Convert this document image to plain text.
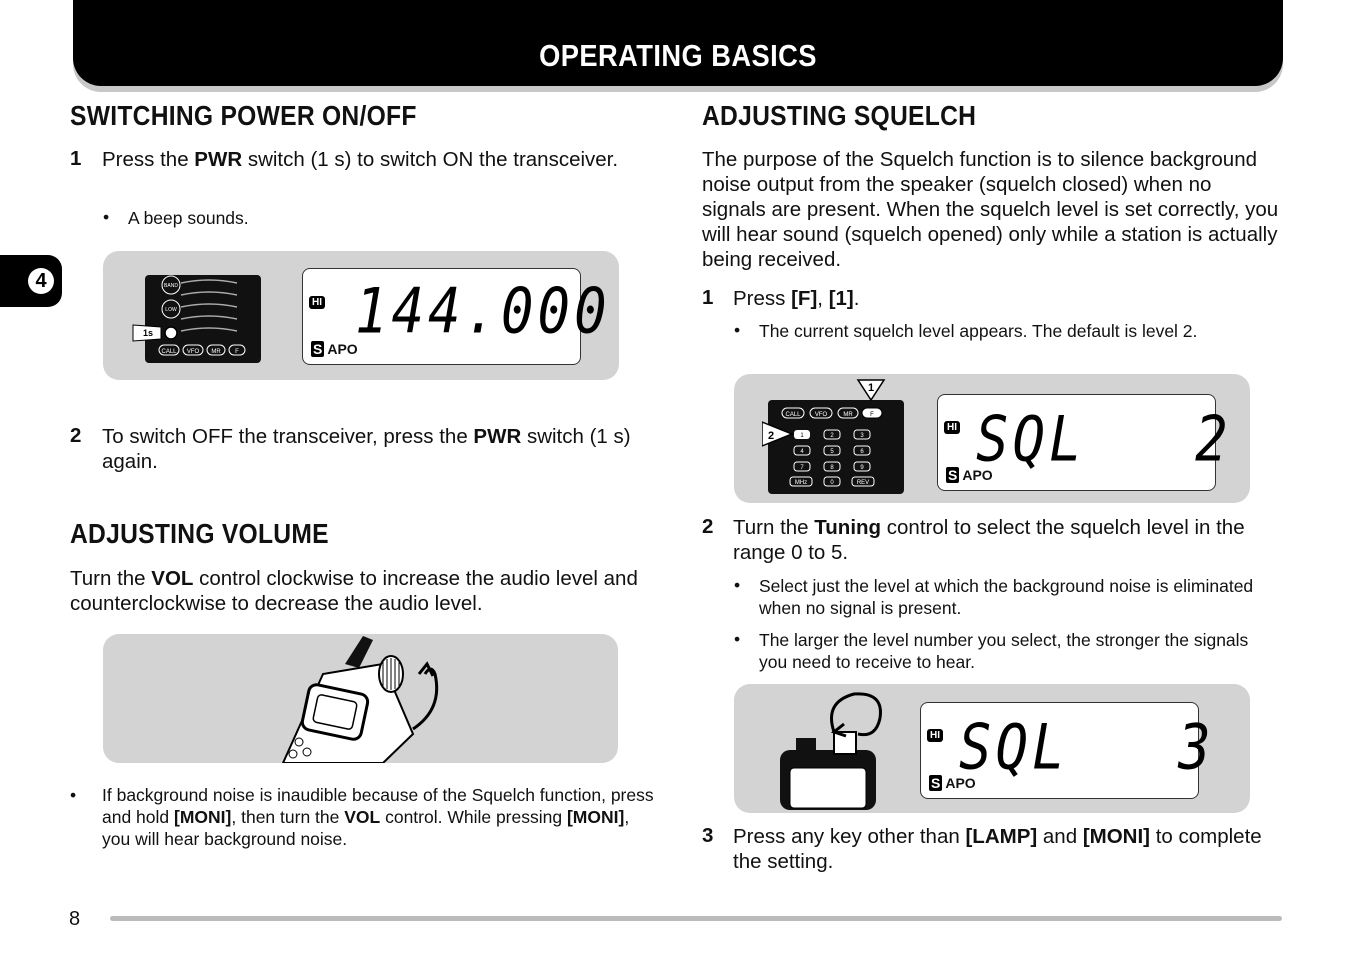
OPERATING BASICS
4
SWITCHING POWER ON/OFF
1 Press the PWR switch (1 s) to switch ON the transceiver.
• A beep sounds.
BAND
LOW
1s
CALL VFO MR F
HI 144.000
S APO
2 To switch OFF the transceiver, press the PWR switch (1 s) again.
ADJUSTING VOLUME
Turn the VOL control clockwise to increase the audio level and counterclockwise to decrease the audio level.
• If background noise is inaudible because of the Squelch function, press and hold [MONI], then turn the VOL control. While pressing [MONI], you will hear background noise.
ADJUSTING SQUELCH
The purpose of the Squelch function is to silence background noise output from the speaker (squelch closed) when no signals are present. When the squelch level is set correctly, you will hear sound (squelch opened) only while a station is actually being received.
1 Press [F], [1].
• The current squelch level appears. The default is level 2.
CALL VFO	MR	F
1	2	3
4	5	6
7	8	9
MHz	0	REV
1
2
HI SQL   2
S APO
2 Turn the Tuning control to select the squelch level in the range 0 to 5.
• Select just the level at which the background noise is eliminated when no signal is present.
• The larger the level number you select, the stronger the signals you need to receive to hear.
HI SQL   3
S APO
3 Press any key other than [LAMP] and [MONI] to complete the setting.
8
